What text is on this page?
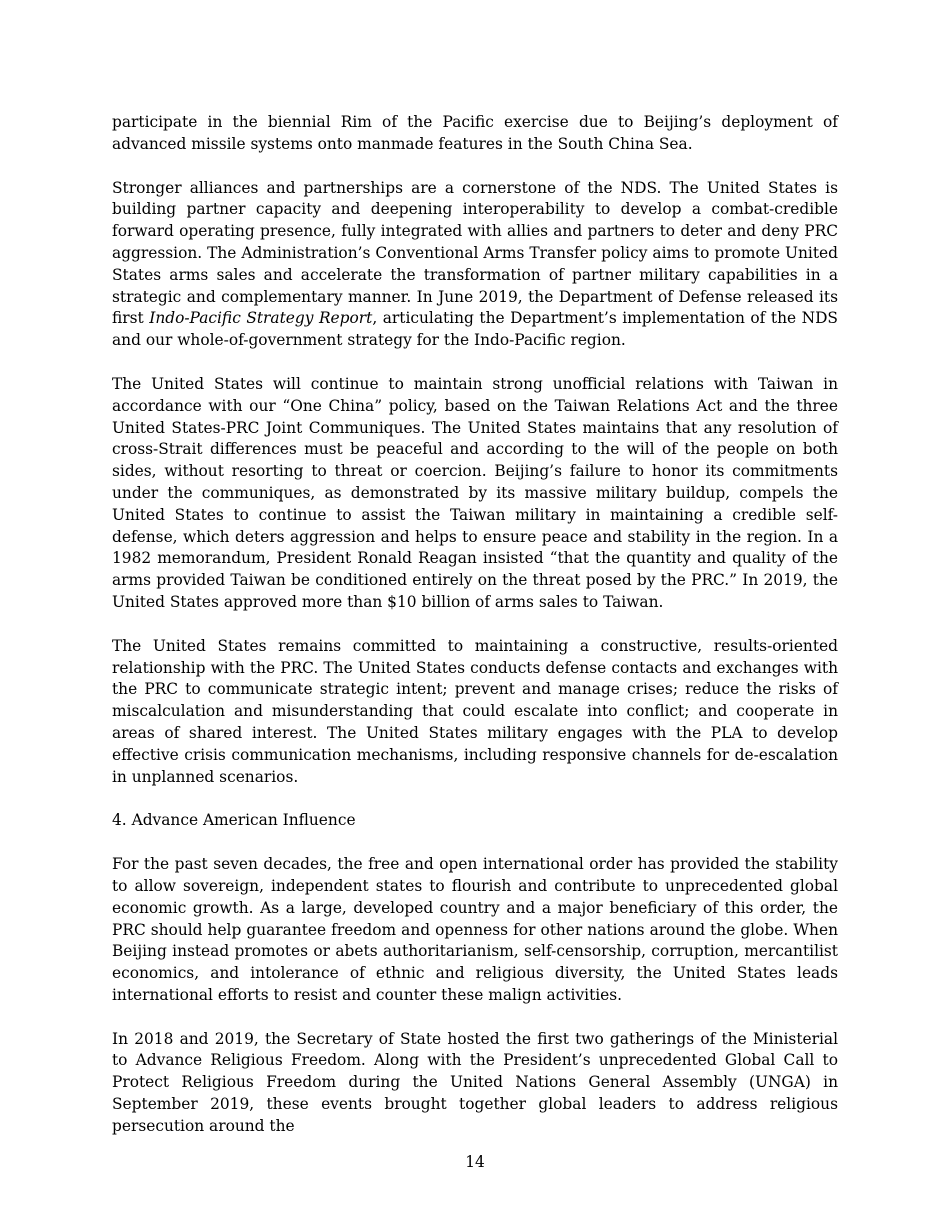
participate in the biennial Rim of the Pacific exercise due to Beijing’s deployment of advanced missile systems onto manmade features in the South China Sea.

Stronger alliances and partnerships are a cornerstone of the NDS. The United States is building partner capacity and deepening interoperability to develop a combat-credible forward operating presence, fully integrated with allies and partners to deter and deny PRC aggression. The Administration’s Conventional Arms Transfer policy aims to promote United States arms sales and accelerate the transformation of partner military capabilities in a strategic and complementary manner. In June 2019, the Department of Defense released its first Indo-Pacific Strategy Report, articulating the Department’s implementation of the NDS and our whole-of-government strategy for the Indo-Pacific region.

The United States will continue to maintain strong unofficial relations with Taiwan in accordance with our “One China” policy, based on the Taiwan Relations Act and the three United States-PRC Joint Communiques. The United States maintains that any resolution of cross-Strait differences must be peaceful and according to the will of the people on both sides, without resorting to threat or coercion. Beijing’s failure to honor its commitments under the communiques, as demonstrated by its massive military buildup, compels the United States to continue to assist the Taiwan military in maintaining a credible self-defense, which deters aggression and helps to ensure peace and stability in the region. In a 1982 memorandum, President Ronald Reagan insisted “that the quantity and quality of the arms provided Taiwan be conditioned entirely on the threat posed by the PRC.” In 2019, the United States approved more than $10 billion of arms sales to Taiwan.

The United States remains committed to maintaining a constructive, results-oriented relationship with the PRC. The United States conducts defense contacts and exchanges with the PRC to communicate strategic intent; prevent and manage crises; reduce the risks of miscalculation and misunderstanding that could escalate into conflict; and cooperate in areas of shared interest. The United States military engages with the PLA to develop effective crisis communication mechanisms, including responsive channels for de-escalation in unplanned scenarios.

4. Advance American Influence

For the past seven decades, the free and open international order has provided the stability to allow sovereign, independent states to flourish and contribute to unprecedented global economic growth. As a large, developed country and a major beneficiary of this order, the PRC should help guarantee freedom and openness for other nations around the globe. When Beijing instead promotes or abets authoritarianism, self-censorship, corruption, mercantilist economics, and intolerance of ethnic and religious diversity, the United States leads international efforts to resist and counter these malign activities.

In 2018 and 2019, the Secretary of State hosted the first two gatherings of the Ministerial to Advance Religious Freedom. Along with the President’s unprecedented Global Call to Protect Religious Freedom during the United Nations General Assembly (UNGA) in September 2019, these events brought together global leaders to address religious persecution around the

14
